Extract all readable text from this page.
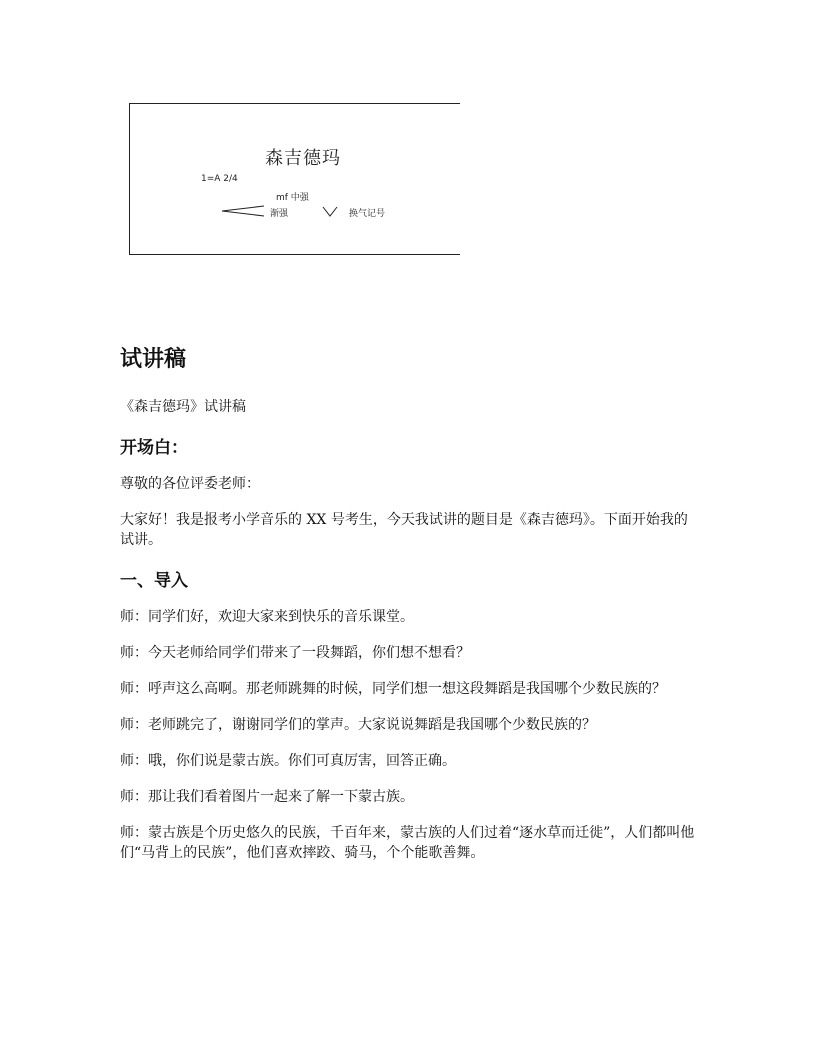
森吉德玛
1=A 2/4
mf 中强
渐强	换气记号
试讲稿

《森吉德玛》试讲稿

开场白：

尊敬的各位评委老师：

大家好！我是报考小学音乐的 XX 号考生，今天我试讲的题目是《森吉德玛》。下面开始我的试讲。

一、导入

师：同学们好，欢迎大家来到快乐的音乐课堂。

师：今天老师给同学们带来了一段舞蹈，你们想不想看？

师：呼声这么高啊。那老师跳舞的时候，同学们想一想这段舞蹈是我国哪个少数民族的？

师：老师跳完了，谢谢同学们的掌声。大家说说舞蹈是我国哪个少数民族的？

师：哦，你们说是蒙古族。你们可真厉害，回答正确。

师：那让我们看着图片一起来了解一下蒙古族。

师：蒙古族是个历史悠久的民族，千百年来，蒙古族的人们过着“逐水草而迁徙”，人们都叫他们“马背上的民族”，他们喜欢摔跤、骑马，个个能歌善舞。
